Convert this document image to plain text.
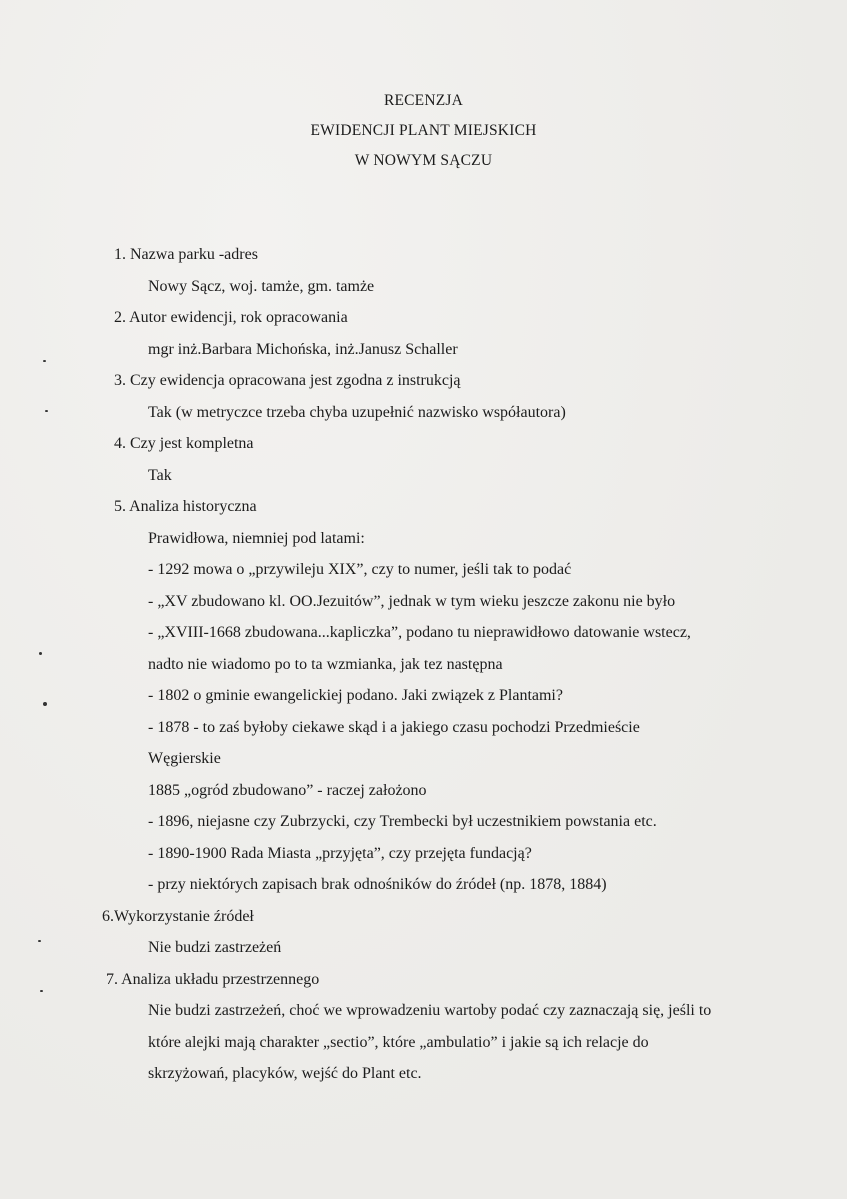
RECENZJA
EWIDENCJI PLANT MIEJSKICH
W NOWYM SĄCZU
1. Nazwa parku -adres
Nowy Sącz, woj. tamże, gm. tamże
2. Autor ewidencji, rok opracowania
mgr inż.Barbara Michońska, inż.Janusz Schaller
3. Czy ewidencja opracowana jest zgodna z instrukcją
Tak (w metryczce trzeba chyba uzupełnić nazwisko współautora)
4. Czy jest kompletna
Tak
5. Analiza historyczna
Prawidłowa, niemniej pod latami:
- 1292 mowa o „przywileju XIX”, czy to numer, jeśli tak to podać
- „XV zbudowano kl. OO.Jezuitów”, jednak w tym wieku jeszcze zakonu nie było
- „XVIII-1668 zbudowana...kapliczka”, podano tu nieprawidłowo datowanie wstecz,
nadto nie wiadomo po to ta wzmianka, jak tez następna
- 1802 o gminie ewangelickiej podano. Jaki związek z Plantami?
- 1878 - to zaś byłoby ciekawe skąd i a jakiego czasu pochodzi Przedmieście
Węgierskie
1885 „ogród zbudowano” - raczej założono
- 1896, niejasne czy Zubrzycki, czy Trembecki był uczestnikiem powstania etc.
- 1890-1900 Rada Miasta „przyjęta”, czy przejęta fundacją?
- przy niektórych zapisach brak odnośników do źródeł (np. 1878, 1884)
6.Wykorzystanie źródeł
Nie budzi zastrzeżeń
7. Analiza układu przestrzennego
Nie budzi zastrzeżeń, choć we wprowadzeniu wartoby podać czy zaznaczają się, jeśli to
które alejki mają charakter „sectio”, które „ambulatio” i jakie są ich relacje do
skrzyżowań, placyków, wejść do Plant etc.
